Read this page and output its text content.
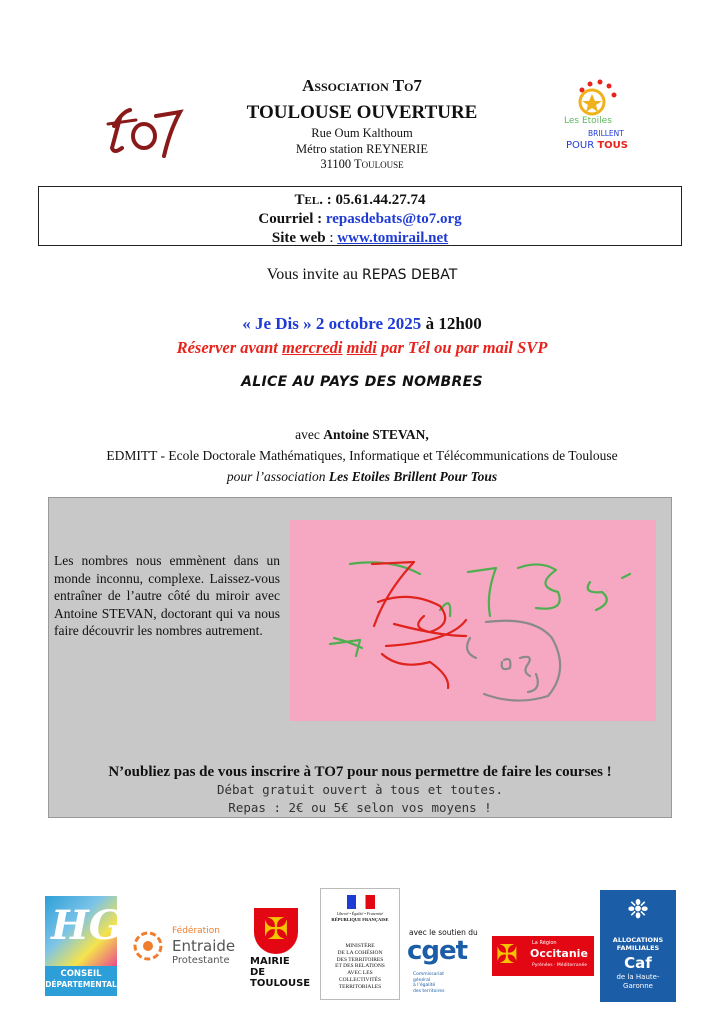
Association To7
TOULOUSE OUVERTURE
Rue Oum Kalthoum
Métro station REYNERIE
31100 Toulouse
Les Etoiles
BRILLENT
POUR TOUS
Tel. : 05.61.44.27.74
Courriel : repasdebats@to7.org
Site web : www.tomirail.net
Vous invite au REPAS DEBAT
« Je Dis » 2 octobre 2025 à 12h00
Réserver avant mercredi midi par Tél ou par mail SVP
ALICE AU PAYS DES NOMBRES
avec Antoine STEVAN,
EDMITT - Ecole Doctorale Mathématiques, Informatique et Télécommunications de Toulouse
pour l’association Les Etoiles Brillent Pour Tous
Les nombres nous emmènent dans un monde inconnu, complexe. Laissez-vous entraîner de l’autre côté du miroir avec Antoine STEVAN, doctorant qui va nous faire découvrir les nombres autrement.
N’oubliez pas de vous inscrire à TO7 pour nous permettre de faire les courses !
Débat gratuit ouvert à tous et toutes.
Repas : 2€ ou 5€ selon vos moyens !
HG
CONSEIL
DÉPARTEMENTAL
Fédération
Entraide
Protestante
✠
MAIRIE
DE
TOULOUSE
Liberté • Égalité • Fraternité
RÉPUBLIQUE FRANÇAISE
MINISTÈRE
DE LA COHÉSION
DES TERRITOIRES
ET DES RELATIONS
AVEC LES
COLLECTIVITÉS
TERRITORIALES
avec le soutien du
cget
Commissariat
général
à l’égalité
des territoires
✠	La Région
Occitanie
Pyrénées · Méditerranée
❉
ALLOCATIONS
FAMILIALES
Caf
de la Haute-
Garonne
